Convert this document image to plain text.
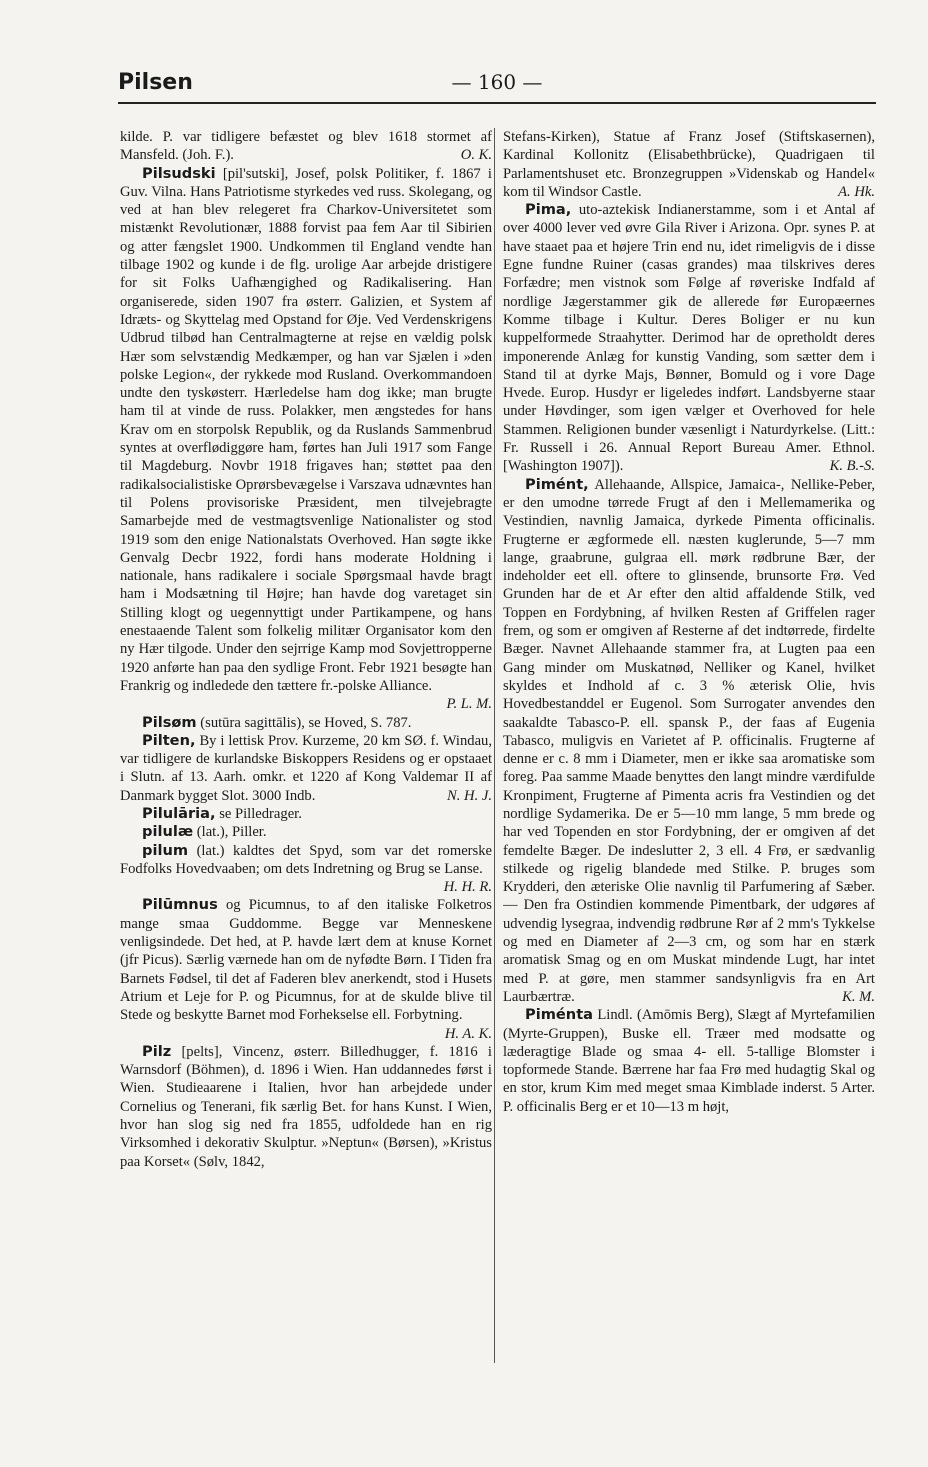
Pilsen	— 160 —

kilde. P. var tidligere befæstet og blev 1618 stormet af Mansfeld. (Joh. F.).	O. K.

Pilsudski [pil'sutski], Josef, polsk Politiker, f. 1867 i Guv. Vilna. Hans Patriotisme styrkedes ved russ. Skolegang, og ved at han blev relegeret fra Charkov-Universitetet som mistænkt Revolutionær, 1888 forvist paa fem Aar til Sibirien og atter fængslet 1900. Undkommen til England vendte han tilbage 1902 og kunde i de flg. urolige Aar arbejde dristigere for sit Folks Uafhængighed og Radikalisering. Han organiserede, siden 1907 fra østerr. Galizien, et System af Idræts- og Skyttelag med Opstand for Øje. Ved Verdenskrigens Udbrud tilbød han Centralmagterne at rejse en vældig polsk Hær som selvstændig Medkæmper, og han var Sjælen i »den polske Legion«, der rykkede mod Rusland. Overkommandoen undte den tyskøsterr. Hærledelse ham dog ikke; man brugte ham til at vinde de russ. Polakker, men ængstedes for hans Krav om en storpolsk Republik, og da Ruslands Sammenbrud syntes at overflødiggøre ham, førtes han Juli 1917 som Fange til Magdeburg. Novbr 1918 frigaves han; støttet paa den radikalsocialistiske Oprørsbevægelse i Varszava udnævntes han til Polens provisoriske Præsident, men tilvejebragte Samarbejde med de vestmagtsvenlige Nationalister og stod 1919 som den enige Nationalstats Overhoved. Han søgte ikke Genvalg Decbr 1922, fordi hans moderate Holdning i nationale, hans radikalere i sociale Spørgsmaal havde bragt ham i Modsætning til Højre; han havde dog varetaget sin Stilling klogt og uegennyttigt under Partikampene, og hans enestaaende Talent som folkelig militær Organisator kom den ny Hær tilgode. Under den sejrrige Kamp mod Sovjettropperne 1920 anførte han paa den sydlige Front. Febr 1921 besøgte han Frankrig og indledede den tættere fr.-polske Alliance.
P. L. M.

Pilsøm (sutūra sagittālis), se Hoved, S. 787.

Pilten, By i lettisk Prov. Kurzeme, 20 km SØ. f. Windau, var tidligere de kurlandske Biskoppers Residens og er opstaaet i Slutn. af 13. Aarh. omkr. et 1220 af Kong Valdemar II af Danmark bygget Slot. 3000 Indb.	N. H. J.

Pilulāria, se Pilledrager.

pilulæ (lat.), Piller.

pilum (lat.) kaldtes det Spyd, som var det romerske Fodfolks Hovedvaaben; om dets Indretning og Brug se Lanse.
H. H. R.

Pilūmnus og Picumnus, to af den italiske Folketros mange smaa Guddomme. Begge var Menneskene venligsindede. Det hed, at P. havde lært dem at knuse Kornet (jfr Picus). Særlig værnede han om de nyfødte Børn. I Tiden fra Barnets Fødsel, til det af Faderen blev anerkendt, stod i Husets Atrium et Leje for P. og Picumnus, for at de skulde blive til Stede og beskytte Barnet mod Forhekselse ell. Forbytning.
H. A. K.

Pilz [pelts], Vincenz, østerr. Billedhugger, f. 1816 i Warnsdorf (Böhmen), d. 1896 i Wien. Han uddannedes først i Wien. Studieaarene i Italien, hvor han arbejdede under Cornelius og Tenerani, fik særlig Bet. for hans Kunst. I Wien, hvor han slog sig ned fra 1855, udfoldede han en rig Virksomhed i dekorativ Skulptur. »Neptun« (Børsen), »Kristus paa Korset« (Sølv, 1842,

Stefans-Kirken), Statue af Franz Josef (Stiftskasernen), Kardinal Kollonitz (Elisabethbrücke), Quadrigaen til Parlamentshuset etc. Bronzegruppen »Videnskab og Handel« kom til Windsor Castle.	A. Hk.

Pima, uto-aztekisk Indianerstamme, som i et Antal af over 4000 lever ved øvre Gila River i Arizona. Opr. synes P. at have staaet paa et højere Trin end nu, idet rimeligvis de i disse Egne fundne Ruiner (casas grandes) maa tilskrives deres Forfædre; men vistnok som Følge af røveriske Indfald af nordlige Jægerstammer gik de allerede før Europæernes Komme tilbage i Kultur. Deres Boliger er nu kun kuppelformede Straahytter. Derimod har de opretholdt deres imponerende Anlæg for kunstig Vanding, som sætter dem i Stand til at dyrke Majs, Bønner, Bomuld og i vore Dage Hvede. Europ. Husdyr er ligeledes indført. Landsbyerne staar under Høvdinger, som igen vælger et Overhoved for hele Stammen. Religionen bunder væsenligt i Naturdyrkelse. (Litt.: Fr. Russell i 26. Annual Report Bureau Amer. Ethnol. [Washington 1907]).	K. B.-S.

Pimént, Allehaande, Allspice, Jamaica-, Nellike-Peber, er den umodne tørrede Frugt af den i Mellemamerika og Vestindien, navnlig Jamaica, dyrkede Pimenta officinalis. Frugterne er ægformede ell. næsten kuglerunde, 5—7 mm lange, graabrune, gulgraa ell. mørk rødbrune Bær, der indeholder eet ell. oftere to glinsende, brunsorte Frø. Ved Grunden har de et Ar efter den altid affaldende Stilk, ved Toppen en Fordybning, af hvilken Resten af Griffelen rager frem, og som er omgiven af Resterne af det indtørrede, firdelte Bæger. Navnet Allehaande stammer fra, at Lugten paa een Gang minder om Muskatnød, Nelliker og Kanel, hvilket skyldes et Indhold af c. 3 % æterisk Olie, hvis Hovedbestanddel er Eugenol. Som Surrogater anvendes den saakaldte Tabasco-P. ell. spansk P., der faas af Eugenia Tabasco, muligvis en Varietet af P. officinalis. Frugterne af denne er c. 8 mm i Diameter, men er ikke saa aromatiske som foreg. Paa samme Maade benyttes den langt mindre værdifulde Kronpiment, Frugterne af Pimenta acris fra Vestindien og det nordlige Sydamerika. De er 5—10 mm lange, 5 mm brede og har ved Topenden en stor Fordybning, der er omgiven af det femdelte Bæger. De indeslutter 2, 3 ell. 4 Frø, er sædvanlig stilkede og rigelig blandede med Stilke. P. bruges som Krydderi, den æteriske Olie navnlig til Parfumering af Sæber. — Den fra Ostindien kommende Pimentbark, der udgøres af udvendig lysegraa, indvendig rødbrune Rør af 2 mm's Tykkelse og med en Diameter af 2—3 cm, og som har en stærk aromatisk Smag og en om Muskat mindende Lugt, har intet med P. at gøre, men stammer sandsynligvis fra en Art Laurbærtræ.	K. M.

Piménta Lindl. (Amōmis Berg), Slægt af Myrtefamilien (Myrte-Gruppen), Buske ell. Træer med modsatte og læderagtige Blade og smaa 4- ell. 5-tallige Blomster i topformede Stande. Bærrene har faa Frø med hudagtig Skal og en stor, krum Kim med meget smaa Kimblade inderst. 5 Arter. P. officinalis Berg er et 10—13 m højt,
